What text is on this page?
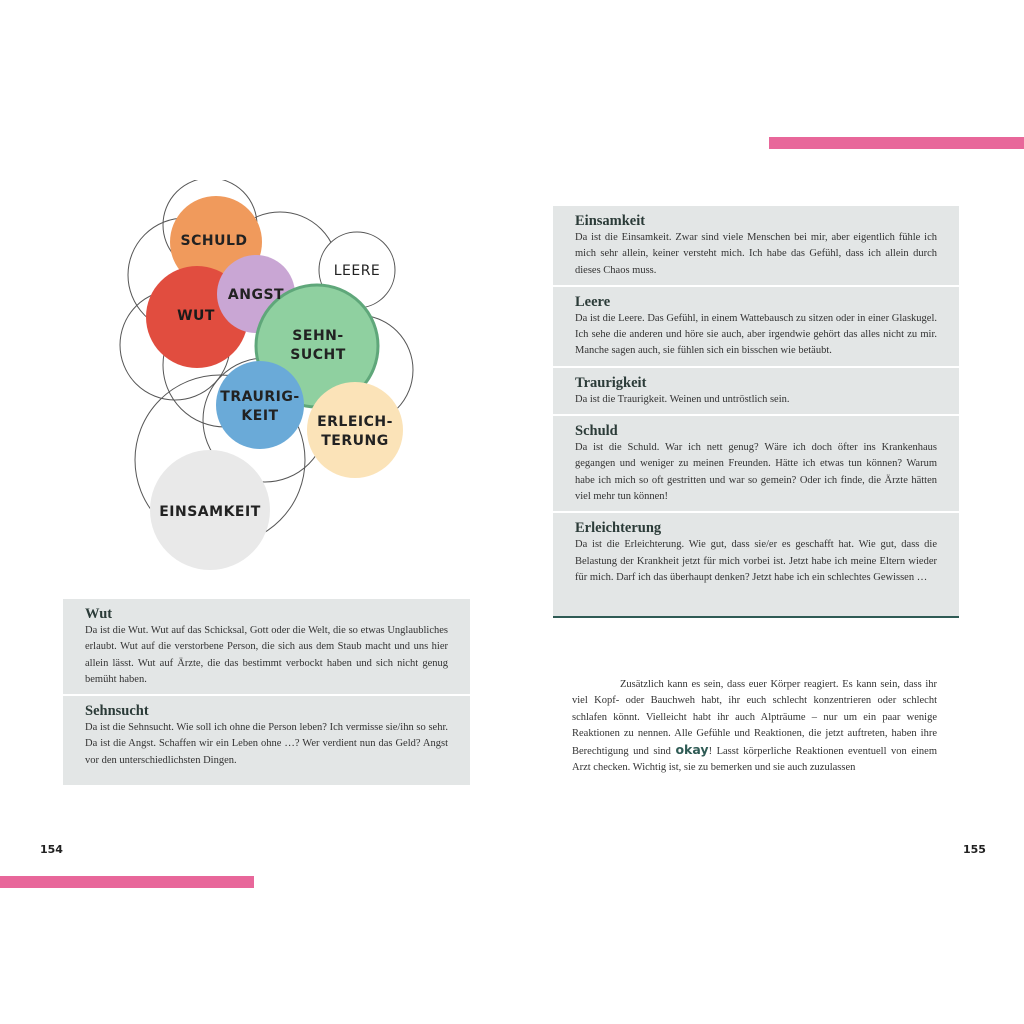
SCHULD
WUT
ANGST
LEERE
SEHN-
SUCHT
TRAURIG-
KEIT	ERLEICH-
TERUNG
EINSAMKEIT
Wut

Da ist die Wut. Wut auf das Schicksal, Gott oder die Welt, die so etwas Unglaubliches erlaubt. Wut auf die verstorbene Person, die sich aus dem Staub macht und uns hier allein lässt. Wut auf Ärzte, die das bestimmt verbockt haben und sich nicht genug bemüht haben.

Sehnsucht

Da ist die Sehnsucht. Wie soll ich ohne die Person leben? Ich vermisse sie/ihn so sehr. Da ist die Angst. Schaffen wir ein Leben ohne …? Wer verdient nun das Geld? Angst vor den unterschiedlichsten Dingen.

Einsamkeit

Da ist die Einsamkeit. Zwar sind viele Menschen bei mir, aber eigentlich fühle ich mich sehr allein, keiner versteht mich. Ich habe das Gefühl, dass ich allein durch dieses Chaos muss.

Leere

Da ist die Leere. Das Gefühl, in einem Wattebausch zu sitzen oder in einer Glaskugel. Ich sehe die anderen und höre sie auch, aber irgendwie gehört das alles nicht zu mir. Manche sagen auch, sie fühlen sich ein bisschen wie betäubt.

Traurigkeit

Da ist die Traurigkeit. Weinen und untröstlich sein.

Schuld

Da ist die Schuld. War ich nett genug? Wäre ich doch öfter ins Krankenhaus gegangen und weniger zu meinen Freunden. Hätte ich etwas tun können? Warum habe ich mich so oft gestritten und war so gemein? Oder ich finde, die Ärzte hätten viel mehr tun können!

Erleichterung

Da ist die Erleichterung. Wie gut, dass sie/er es geschafft hat. Wie gut, dass die Belastung der Krankheit jetzt für mich vorbei ist. Jetzt habe ich meine Eltern wieder für mich. Darf ich das überhaupt denken? Jetzt habe ich ein schlechtes Gewissen …

Zusätzlich kann es sein, dass euer Körper reagiert. Es kann sein, dass ihr viel Kopf- oder Bauchweh habt, ihr euch schlecht konzentrieren oder schlecht schlafen könnt. Vielleicht habt ihr auch Alpträume – nur um ein paar wenige Reaktionen zu nennen. Alle Gefühle und Reaktionen, die jetzt auftreten, haben ihre Berechtigung und sind okay! Lasst körperliche Reaktionen eventuell von einem Arzt checken. Wichtig ist, sie zu bemerken und sie auch zuzulassen
154	155
